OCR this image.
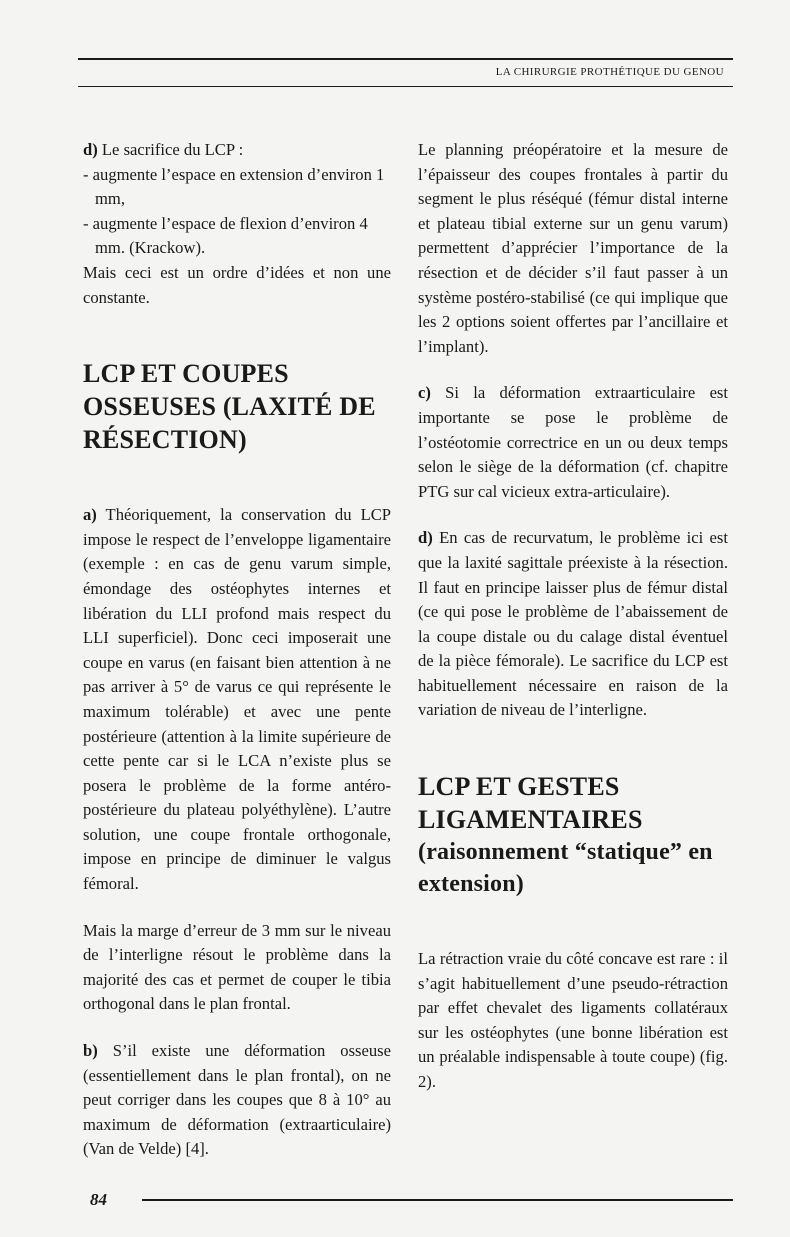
LA CHIRURGIE PROTHÉTIQUE DU GENOU

d) Le sacrifice du LCP :

- augmente l’espace en extension d’environ 1 mm,
- augmente l’espace de flexion d’environ 4 mm. (Krackow).

Mais ceci est un ordre d’idées et non une constante.

LCP ET COUPES OSSEUSES (LAXITÉ DE RÉSECTION)

a) Théoriquement, la conservation du LCP impose le respect de l’enveloppe ligamentaire (exemple : en cas de genu varum simple, émondage des ostéophytes internes et libération du LLI profond mais respect du LLI superficiel). Donc ceci imposerait une coupe en varus (en faisant bien attention à ne pas arriver à 5° de varus ce qui représente le maximum tolérable) et avec une pente postérieure (attention à la limite supérieure de cette pente car si le LCA n’existe plus se posera le problème de la forme antéro-postérieure du plateau polyéthylène). L’autre solution, une coupe frontale orthogonale, impose en principe de diminuer le valgus fémoral.

Mais la marge d’erreur de 3 mm sur le niveau de l’interligne résout le problème dans la majorité des cas et permet de couper le tibia orthogonal dans le plan frontal.

b) S’il existe une déformation osseuse (essentiellement dans le plan frontal), on ne peut corriger dans les coupes que 8 à 10° au maximum de déformation (extraarticulaire) (Van de Velde) [4].

Le planning préopératoire et la mesure de l’épaisseur des coupes frontales à partir du segment le plus réséqué (fémur distal interne et plateau tibial externe sur un genu varum) permettent d’apprécier l’importance de la résection et de décider s’il faut passer à un système postéro-stabilisé (ce qui implique que les 2 options soient offertes par l’ancillaire et l’implant).

c) Si la déformation extraarticulaire est importante se pose le problème de l’ostéotomie correctrice en un ou deux temps selon le siège de la déformation (cf. chapitre PTG sur cal vicieux extra-articulaire).

d) En cas de recurvatum, le problème ici est que la laxité sagittale préexiste à la résection. Il faut en principe laisser plus de fémur distal (ce qui pose le problème de l’abaissement de la coupe distale ou du calage distal éventuel de la pièce fémorale). Le sacrifice du LCP est habituellement nécessaire en raison de la variation de niveau de l’interligne.

LCP ET GESTES LIGAMENTAIRES
(raisonnement “statique” en extension)

La rétraction vraie du côté concave est rare : il s’agit habituellement d’une pseudo-rétraction par effet chevalet des ligaments collatéraux sur les ostéophytes (une bonne libération est un préalable indispensable à toute coupe) (fig. 2).

84
